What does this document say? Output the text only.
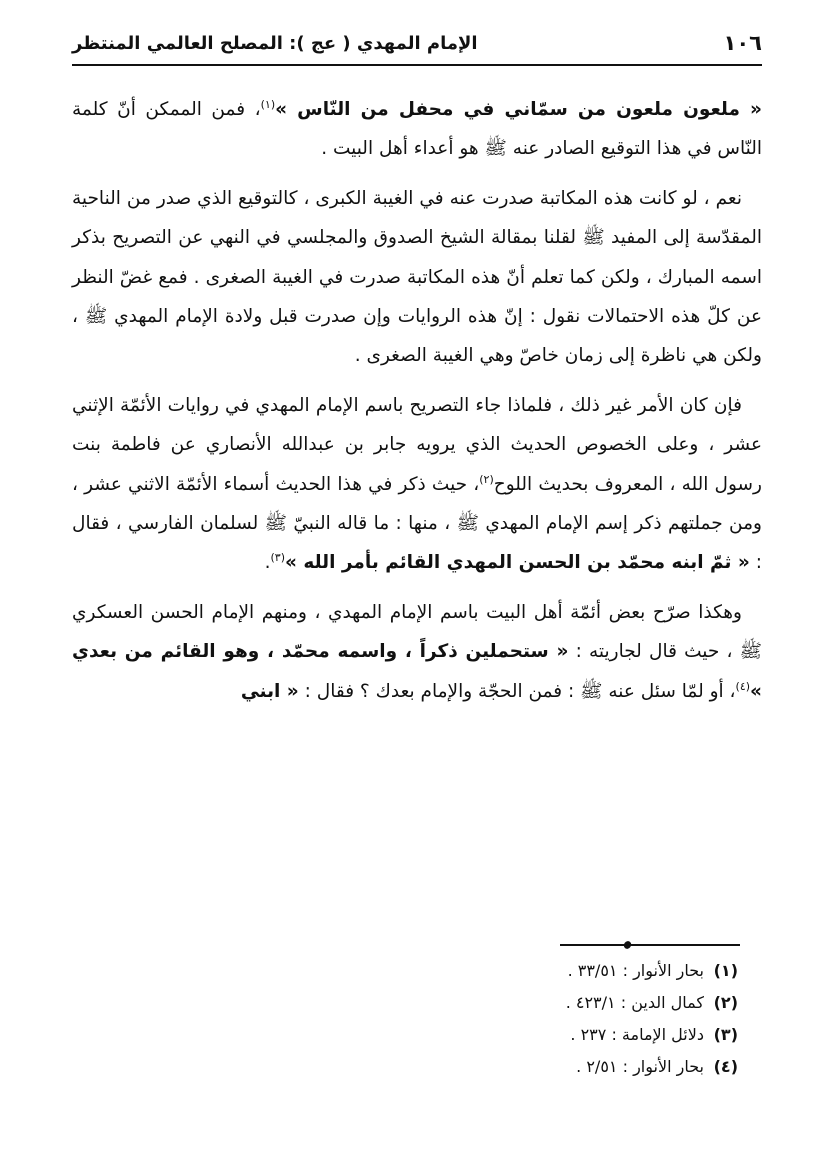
١٠٦
الإمام المهدي ( عج ): المصلح العالمي المنتظر

« ملعون ملعون من سمّاني في محفل من النّاس »$^{(١)}$، فمن الممكن أنّ كلمة النّاس في هذا التوقيع الصادر عنه ﷺ هو أعداء أهل البيت .

نعم ، لو كانت هذه المكاتبة صدرت عنه في الغيبة الكبرى ، كالتوقيع الذي صدر من الناحية المقدّسة إلى المفيد ﷺ لقلنا بمقالة الشيخ الصدوق والمجلسي في النهي عن التصريح بذكر اسمه المبارك ، ولكن كما تعلم أنّ هذه المكاتبة صدرت في الغيبة الصغرى . فمع غضّ النظر عن كلّ هذه الاحتمالات نقول : إنّ هذه الروايات وإن صدرت قبل ولادة الإمام المهدي ﷺ ، ولكن هي ناظرة إلى زمان خاصّ وهي الغيبة الصغرى .

فإن كان الأمر غير ذلك ، فلماذا جاء التصريح باسم الإمام المهدي في روايات الأئمّة الإثني عشر ، وعلى الخصوص الحديث الذي يرويه جابر بن عبدالله الأنصاري عن فاطمة بنت رسول الله ، المعروف بحديث اللوح$^{(٢)}$، حيث ذكر في هذا الحديث أسماء الأئمّة الاثني عشر ، ومن جملتهم ذكر إسم الإمام المهدي ﷺ ، منها : ما قاله النبيّ ﷺ لسلمان الفارسي ، فقال : « ثمّ ابنه محمّد بن الحسن المهدي القائم بأمر الله »$^{(٣)}$.

وهكذا صرّح بعض أئمّة أهل البيت باسم الإمام المهدي ، ومنهم الإمام الحسن العسكري ﷺ ، حيث قال لجاريته : « ستحملين ذكراً ، واسمه محمّد ، وهو القائم من بعدي »$^{(٤)}$، أو لمّا سئل عنه ﷺ : فمن الحجّة والإمام بعدك ؟ فقال : « ابني

(١)بحار الأنوار : ٣٣/٥١ .
(٢)كمال الدين : ٤٢٣/١ .
(٣)دلائل الإمامة : ٢٣٧ .
(٤)بحار الأنوار : ٢/٥١ .
